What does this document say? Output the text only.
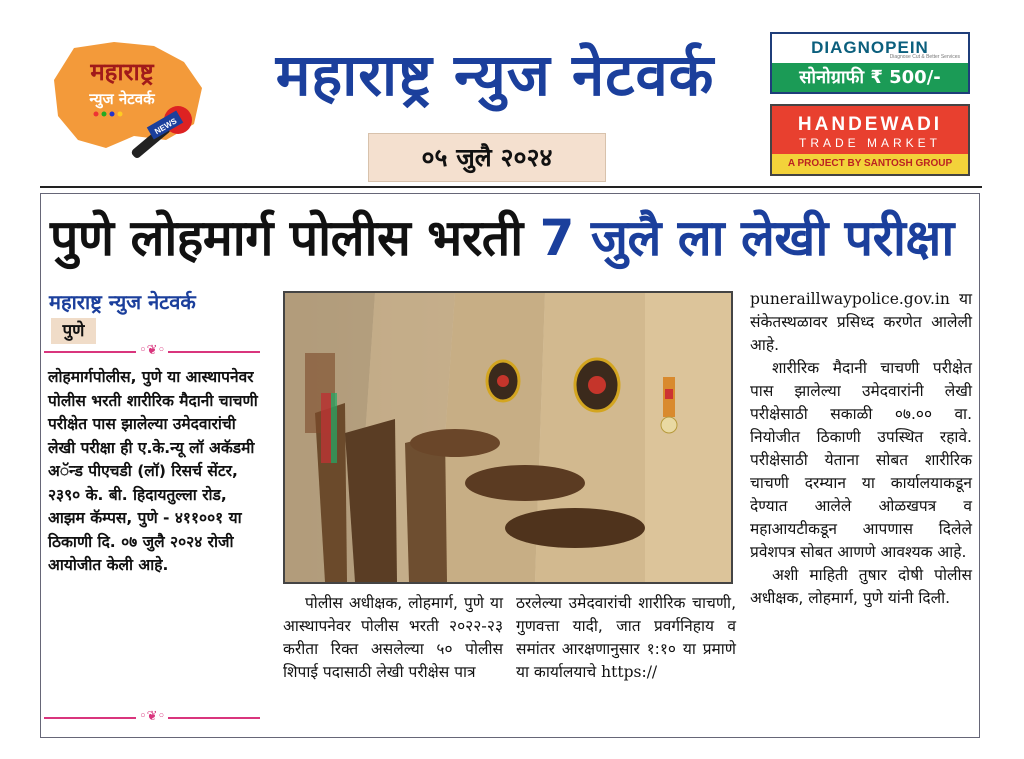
महाराष्ट्र
न्युज नेटवर्क
NEWS
महाराष्ट्र न्युज नेटवर्क
०५ जुलै २०२४
DIAGNOPEIN
Diagnose Cut & Better Services
सोनोग्राफी ₹ 500/-
HANDEWADI
TRADE MARKET
A PROJECT BY SANTOSH GROUP
पुणे लोहमार्ग पोलीस भरती 7 जुलै ला लेखी परीक्षा
महाराष्ट्र न्युज नेटवर्क
पुणे
◦❦◦
लोहमार्गपोलीस, पुणे या आस्थापनेवर पोलीस भरती शारीरिक मैदानी चाचणी परीक्षेत पास झालेल्या उमेदवारांची लेखी परीक्षा ही ए.के.न्यू लॉ अकॅडमी अॅन्ड पीएचडी (लॉ) रिसर्च सेंटर, २३९० के. बी. हिदायतुल्ला रोड, आझम कॅम्पस, पुणे - ४११००१ या ठिकाणी दि. ०७ जुलै २०२४ रोजी आयोजीत केली आहे.
◦❦◦

पोलीस अधीक्षक, लोहमार्ग, पुणे या आस्थापनेवर पोलीस भरती २०२२-२३ करीता रिक्त असलेल्या ५० पोलीस शिपाई पदासाठी लेखी परीक्षेस पात्र

ठरलेल्या उमेदवारांची शारीरिक चाचणी, गुणवत्ता यादी, जात प्रवर्गनिहाय व समांतर आरक्षणानुसार १:१० या प्रमाणे या कार्यालयाचे https://

puneraillwaypolice.gov.in या संकेतस्थळावर प्रसिध्द करणेत आलेली आहे.

शारीरिक मैदानी चाचणी परीक्षेत पास झालेल्या उमेदवारांनी लेखी परीक्षेसाठी सकाळी ०७.०० वा. नियोजीत ठिकाणी उपस्थित रहावे. परीक्षेसाठी येताना सोबत शारीरिक चाचणी दरम्यान या कार्यालयाकडून देण्यात आलेले ओळखपत्र व महाआयटीकडून आपणास दिलेले प्रवेशपत्र सोबत आणणे आवश्यक आहे.

अशी माहिती तुषार दोषी पोलीस अधीक्षक, लोहमार्ग, पुणे यांनी दिली.
